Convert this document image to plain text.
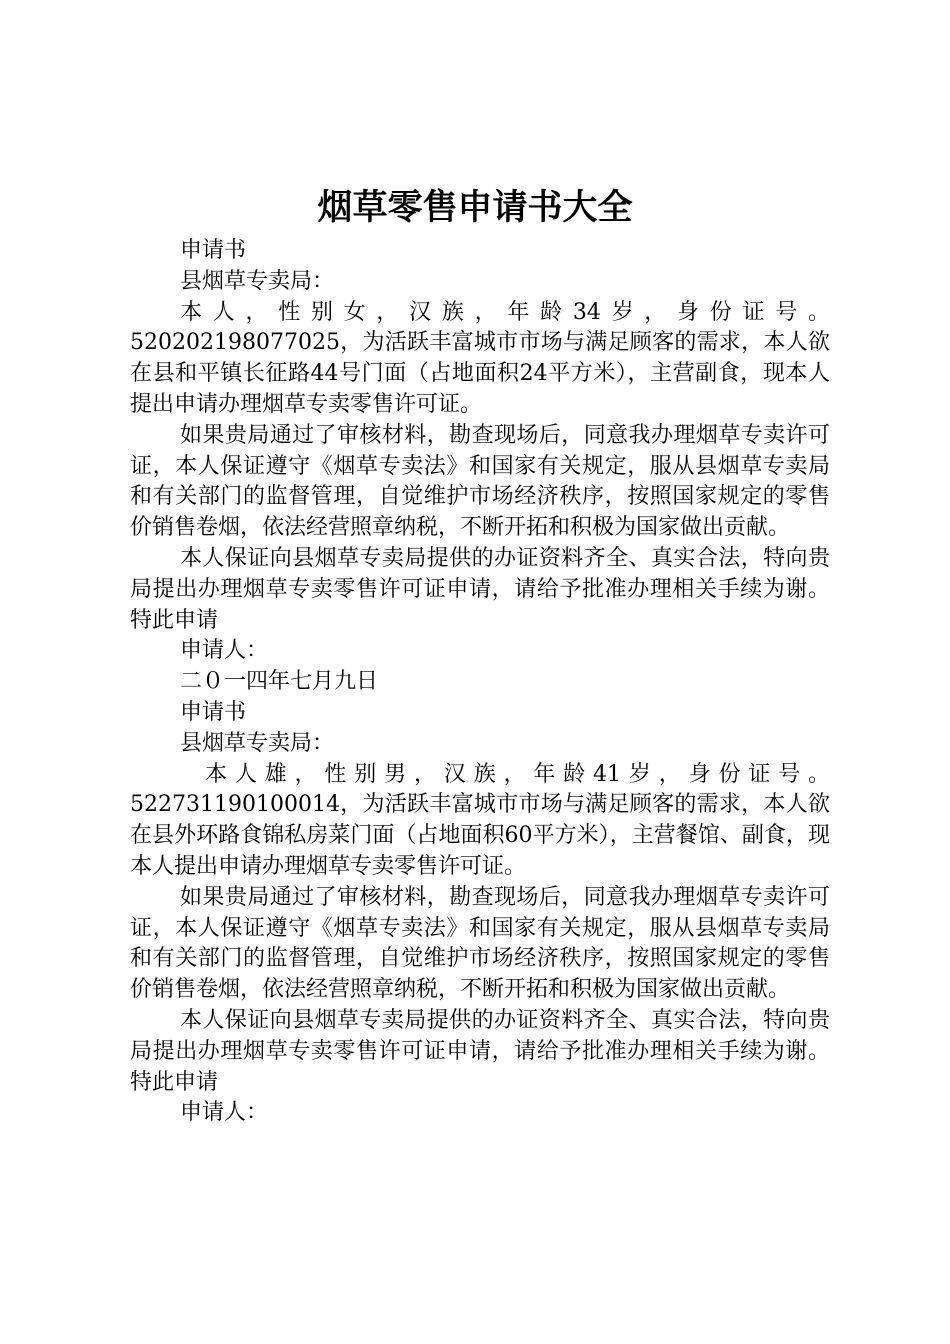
烟草零售申请书大全

申请书

县烟草专卖局：

本人，性别女，汉族，年龄34岁，身份证号。

520202198077025，为活跃丰富城市市场与满足顾客的需求，本人欲在县和平镇长征路44号门面（占地面积24平方米），主营副食，现本人提出申请办理烟草专卖零售许可证。

如果贵局通过了审核材料，勘查现场后，同意我办理烟草专卖许可证，本人保证遵守《烟草专卖法》和国家有关规定，服从县烟草专卖局和有关部门的监督管理，自觉维护市场经济秩序，按照国家规定的零售价销售卷烟，依法经营照章纳税，不断开拓和积极为国家做出贡献。

本人保证向县烟草专卖局提供的办证资料齐全、真实合法，特向贵局提出办理烟草专卖零售许可证申请，请给予批准办理相关手续为谢。特此申请

申请人：

二０一四年七月九日

申请书

县烟草专卖局：

本人雄，性别男，汉族，年龄41岁，身份证号。

522731190100014，为活跃丰富城市市场与满足顾客的需求，本人欲在县外环路食锦私房菜门面（占地面积60平方米），主营餐馆、副食，现本人提出申请办理烟草专卖零售许可证。

如果贵局通过了审核材料，勘查现场后，同意我办理烟草专卖许可证，本人保证遵守《烟草专卖法》和国家有关规定，服从县烟草专卖局和有关部门的监督管理，自觉维护市场经济秩序，按照国家规定的零售价销售卷烟，依法经营照章纳税，不断开拓和积极为国家做出贡献。

本人保证向县烟草专卖局提供的办证资料齐全、真实合法，特向贵局提出办理烟草专卖零售许可证申请，请给予批准办理相关手续为谢。特此申请

申请人：
